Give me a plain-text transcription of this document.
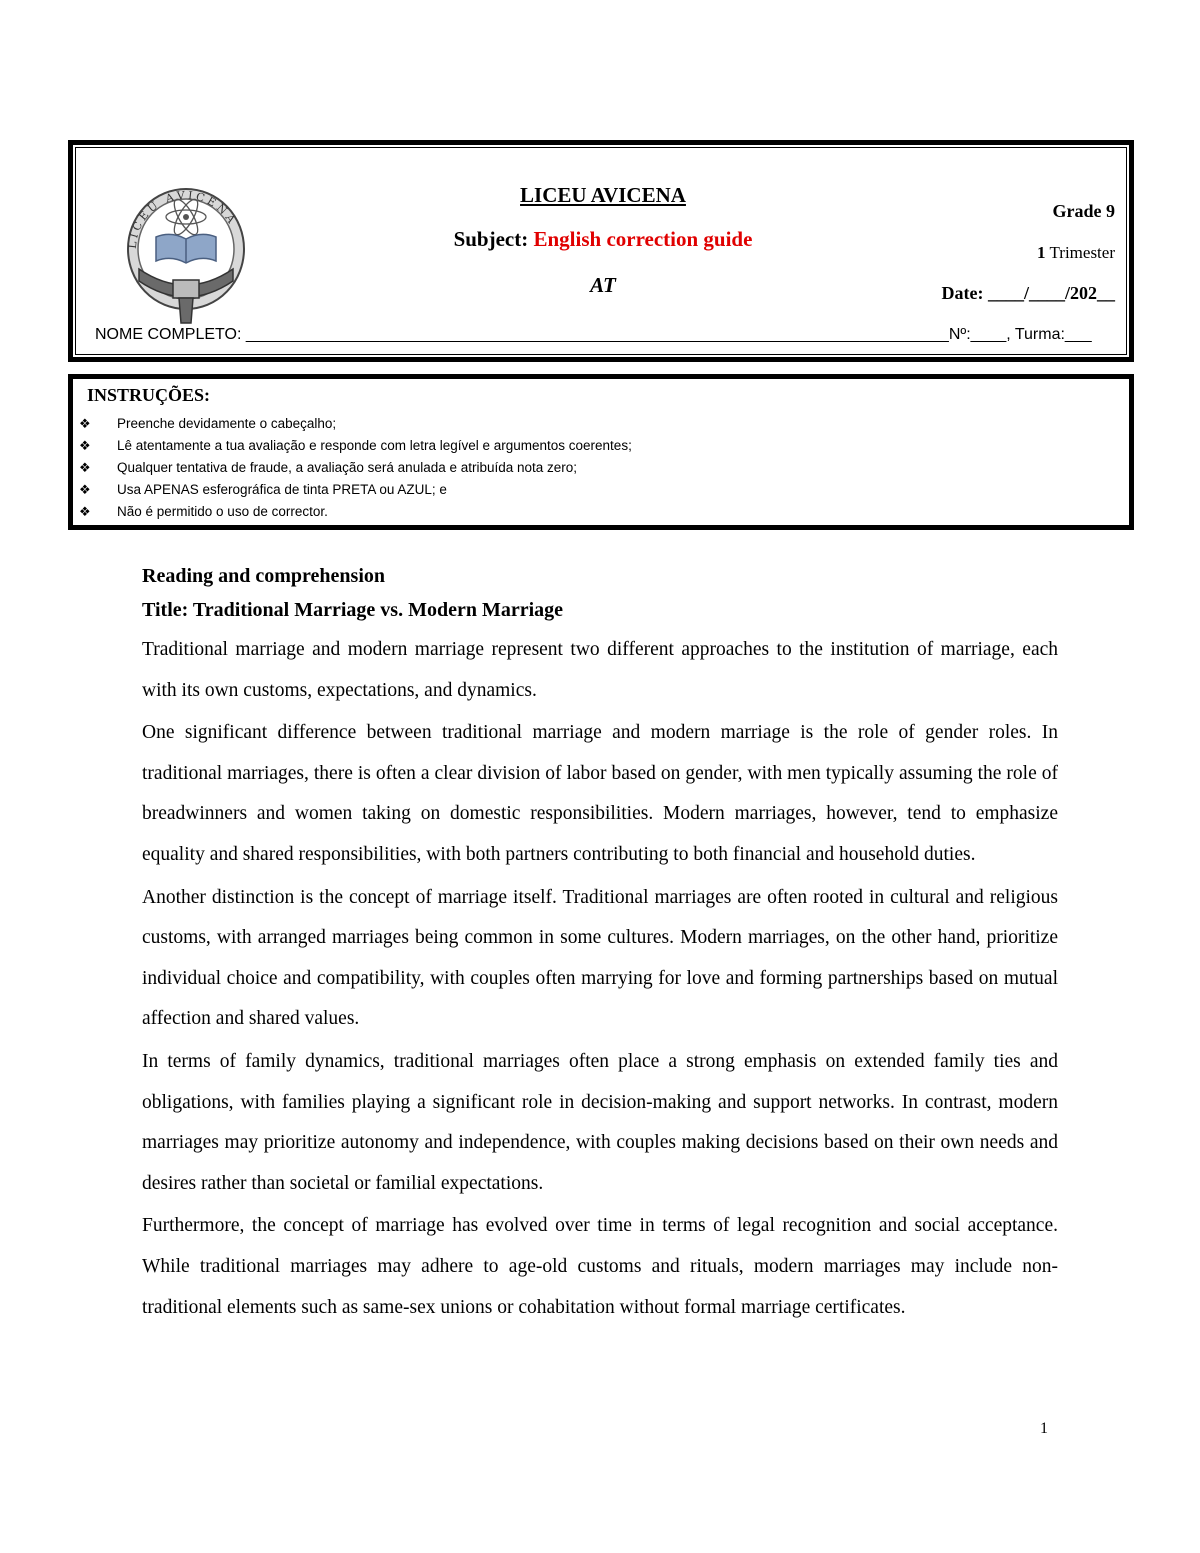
LICEU AVICENA
LICEU AVICENA
Subject: English correction guide
AT
Grade 9
1 Trimester
Date: ____/____/202__
NOME COMPLETO: _______________________________________________________________________________Nº:____, Turma:___
INSTRUÇÕES:
❖ Preenche devidamente o cabeçalho;
❖ Lê atentamente a tua avaliação e responde com letra legível e argumentos coerentes;
❖ Qualquer tentativa de fraude, a avaliação será anulada e atribuída nota zero;
❖ Usa APENAS esferográfica de tinta PRETA ou AZUL; e
❖ Não é permitido o uso de corrector.
Reading and comprehension
Title: Traditional Marriage vs. Modern Marriage

Traditional marriage and modern marriage represent two different approaches to the institution of marriage, each with its own customs, expectations, and dynamics.

One significant difference between traditional marriage and modern marriage is the role of gender roles. In traditional marriages, there is often a clear division of labor based on gender, with men typically assuming the role of breadwinners and women taking on domestic responsibilities. Modern marriages, however, tend to emphasize equality and shared responsibilities, with both partners contributing to both financial and household duties.

Another distinction is the concept of marriage itself. Traditional marriages are often rooted in cultural and religious customs, with arranged marriages being common in some cultures. Modern marriages, on the other hand, prioritize individual choice and compatibility, with couples often marrying for love and forming partnerships based on mutual affection and shared values.

In terms of family dynamics, traditional marriages often place a strong emphasis on extended family ties and obligations, with families playing a significant role in decision-making and support networks. In contrast, modern marriages may prioritize autonomy and independence, with couples making decisions based on their own needs and desires rather than societal or familial expectations.

Furthermore, the concept of marriage has evolved over time in terms of legal recognition and social acceptance. While traditional marriages may adhere to age-old customs and rituals, modern marriages may include non-traditional elements such as same-sex unions or cohabitation without formal marriage certificates.

1
